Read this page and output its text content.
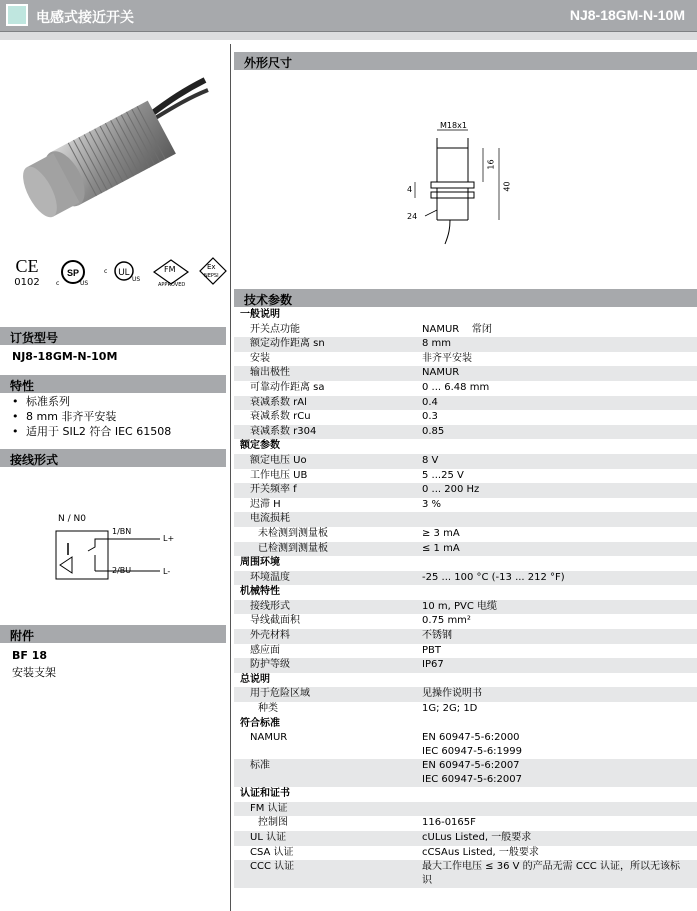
电感式接近开关	NJ8-18GM-N-10M
CE
0102
SP
c	US
UL
c
US
FM
APPROVED
Ex
NEPSI
订货型号
NJ8-18GM-N-10M
特性
• 标准系列
• 8 mm 非齐平安装
• 适用于 SIL2 符合 IEC 61508
接线形式
N / N0
1/BN
2/BU
L+
L-
附件
BF 18
安装支架
外形尺寸
M18x1
16
40
4
24
技术参数
一般说明
开关点功能	NAMUR    常闭
额定动作距离 sn	8 mm
安装	非齐平安装
输出极性	NAMUR
可靠动作距离 sa	0 ... 6.48 mm
衰减系数 rAl	0.4
衰减系数 rCu	0.3
衰减系数 r304	0.85
额定参数
额定电压 Uo	8 V
工作电压 UB	5 ...25 V
开关频率 f	0 ... 200 Hz
迟滞 H	3 %
电流损耗
未检测到测量板	≥ 3 mA
已检测到测量板	≤ 1 mA
周围环境
环境温度	-25 ... 100 °C (-13 ... 212 °F)
机械特性
接线形式	10 m, PVC 电缆
导线截面积	0.75 mm²
外壳材料	不锈钢
感应面	PBT
防护等级	IP67
总说明
用于危险区域	见操作说明书
种类	1G; 2G; 1D
符合标准
NAMUR	EN 60947-5-6:2000
IEC 60947-5-6:1999
标准	EN 60947-5-6:2007
IEC 60947-5-6:2007
认证和证书
FM 认证
控制图	116-0165F
UL 认证	cULus Listed, 一般要求
CSA 认证	cCSAus Listed, 一般要求
CCC 认证	最大工作电压 ≤ 36 V 的产品无需 CCC 认证，所以无该标识
